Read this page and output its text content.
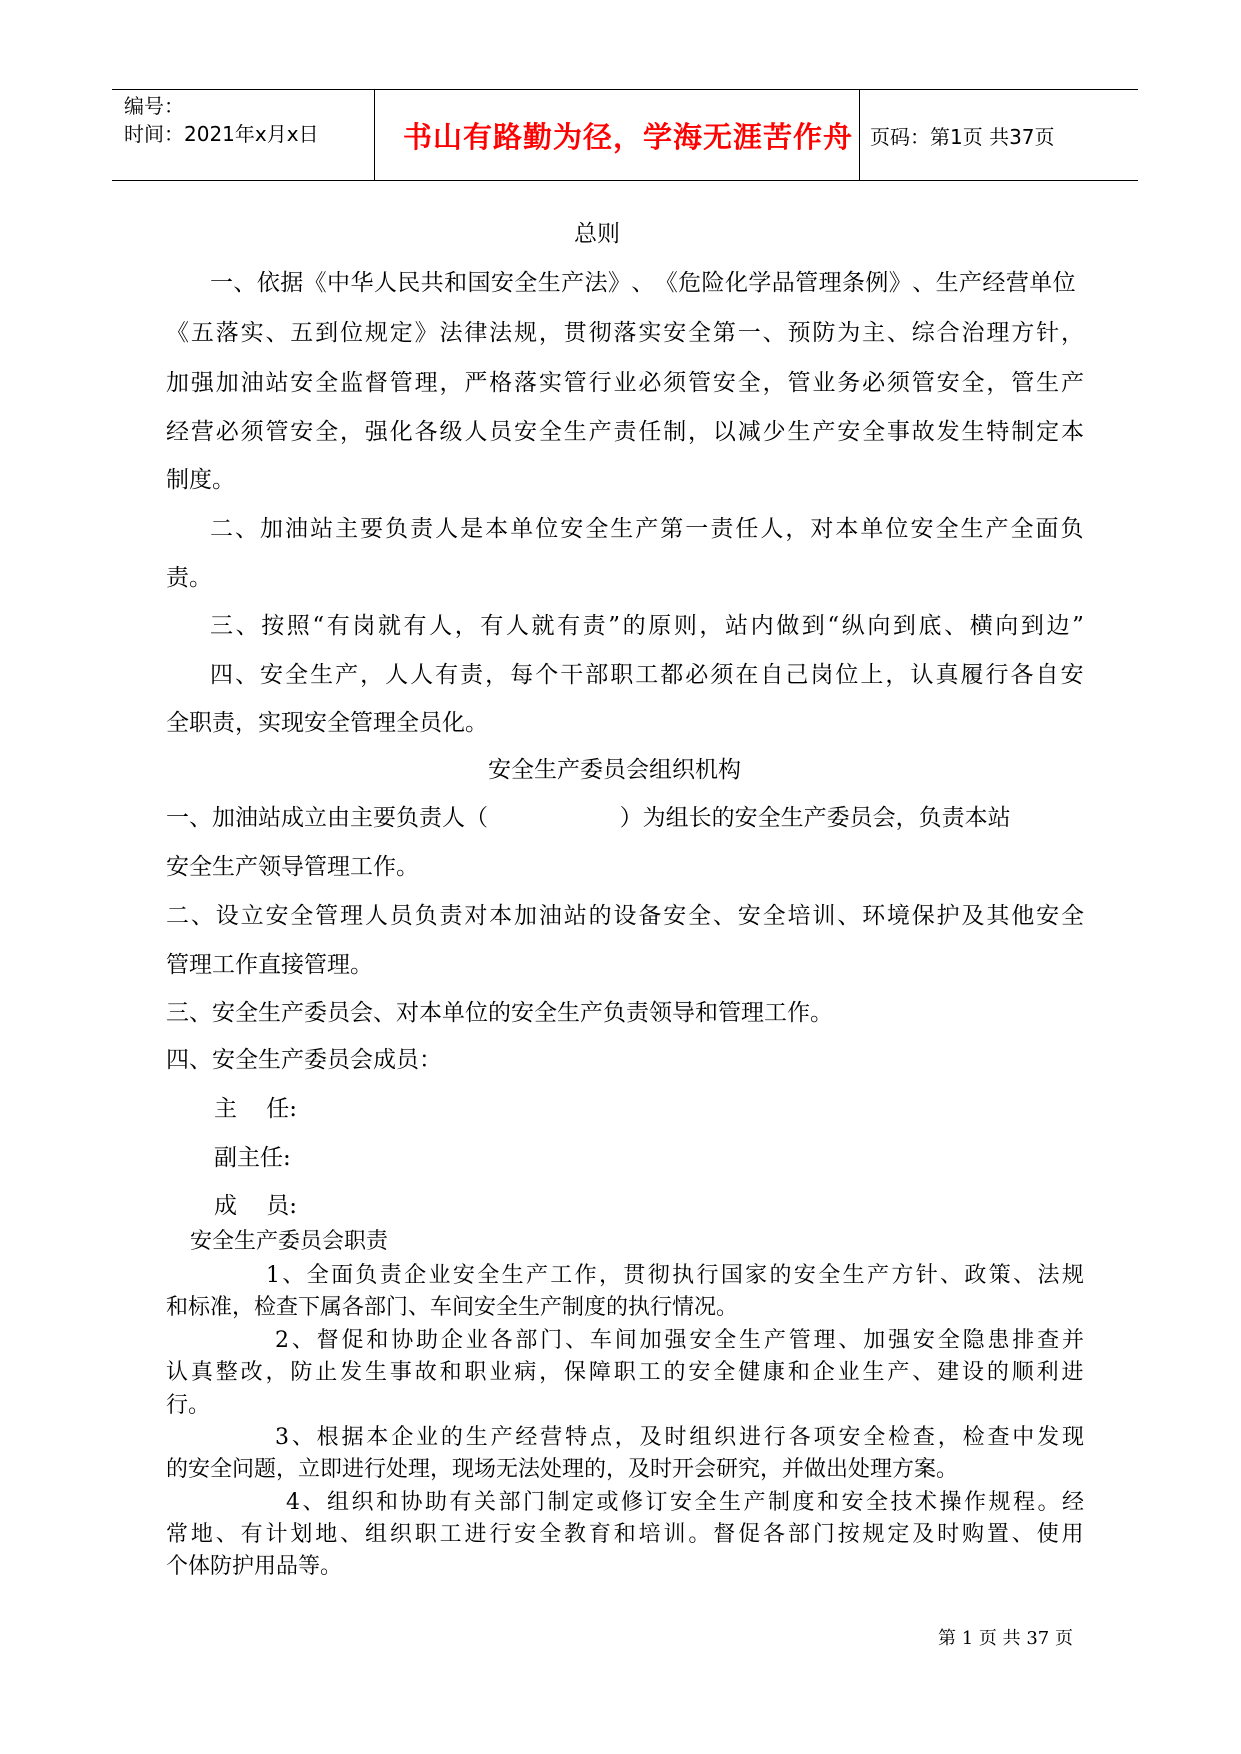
编号：
时间：2021年x月x日	书山有路勤为径，学海无涯苦作舟 页码：第1页 共37页
总则
一 、 依 据 《 中 华 人 民 共 和 国 安 全 生 产 法 》 、 《 危 险 化 学 品 管 理 条 例 》 、 生 产 经 营 单 位
《 五 落 实 、 五 到 位 规 定 》 法 律 法 规 ， 贯 彻 落 实 安 全 第 一 、 预 防 为 主 、 综 合 治 理 方 针 ，
加 强 加 油 站 安 全 监 督 管 理 ， 严 格 落 实 管 行 业 必 须 管 安 全 ， 管 业 务 必 须 管 安 全 ， 管 生 产
经 营 必 须 管 安 全 ， 强 化 各 级 人 员 安 全 生 产 责 任 制 ， 以 减 少 生 产 安 全 事 故 发 生 特 制 定 本
制度。
二 、 加 油 站 主 要 负 责 人 是 本 单 位 安 全 生 产 第 一 责 任 人 ， 对 本 单 位 安 全 生 产 全 面 负
责。
三 、 按 照 “ 有 岗 就 有 人 ， 有 人 就 有 责 ” 的 原 则 ， 站 内 做 到 “ 纵 向 到 底 、 横 向 到 边 ”
四 、 安 全 生 产 ， 人 人 有 责 ， 每 个 干 部 职 工 都 必 须 在 自 己 岗 位 上 ， 认 真 履 行 各 自 安
全职责，实现安全管理全员化。
安全生产委员会组织机构
一、加油站成立由主要负责人（                  ）为组长的安全生产委员会，负责本站
安全生产领导管理工作。
二 、 设 立 安 全 管 理 人 员 负 责 对 本 加 油 站 的 设 备 安 全 、 安 全 培 训 、 环 境 保 护 及 其 他 安 全
管理工作直接管理。
三、安全生产委员会、对本单位的安全生产负责领导和管理工作。
四、安全生产委员会成员：
主    任:
副主任:
成    员:
安全生产委员会职责
1 、 全 面 负 责 企 业 安 全 生 产 工 作 ， 贯 彻 执 行 国 家 的 安 全 生 产 方 针 、 政 策 、 法 规
和标准，检查下属各部门、车间安全生产制度的执行情况。
2 、 督 促 和 协 助 企 业 各 部 门 、 车 间 加 强 安 全 生 产 管 理 、 加 强 安 全 隐 患 排 查 并
认 真 整 改 ， 防 止 发 生 事 故 和 职 业 病 ， 保 障 职 工 的 安 全 健 康 和 企 业 生 产 、 建 设 的 顺 利 进
行。
3 、 根 据 本 企 业 的 生 产 经 营 特 点 ， 及 时 组 织 进 行 各 项 安 全 检 查 ， 检 查 中 发 现
的安全问题，立即进行处理，现场无法处理的，及时开会研究，并做出处理方案。
4 、 组 织 和 协 助 有 关 部 门 制 定 或 修 订 安 全 生 产 制 度 和 安 全 技 术 操 作 规 程 。 经
常 地 、 有 计 划 地 、 组 织 职 工 进 行 安 全 教 育 和 培 训 。 督 促 各 部 门 按 规 定 及 时 购 置 、 使 用
个体防护用品等。
第 1 页 共 37 页
